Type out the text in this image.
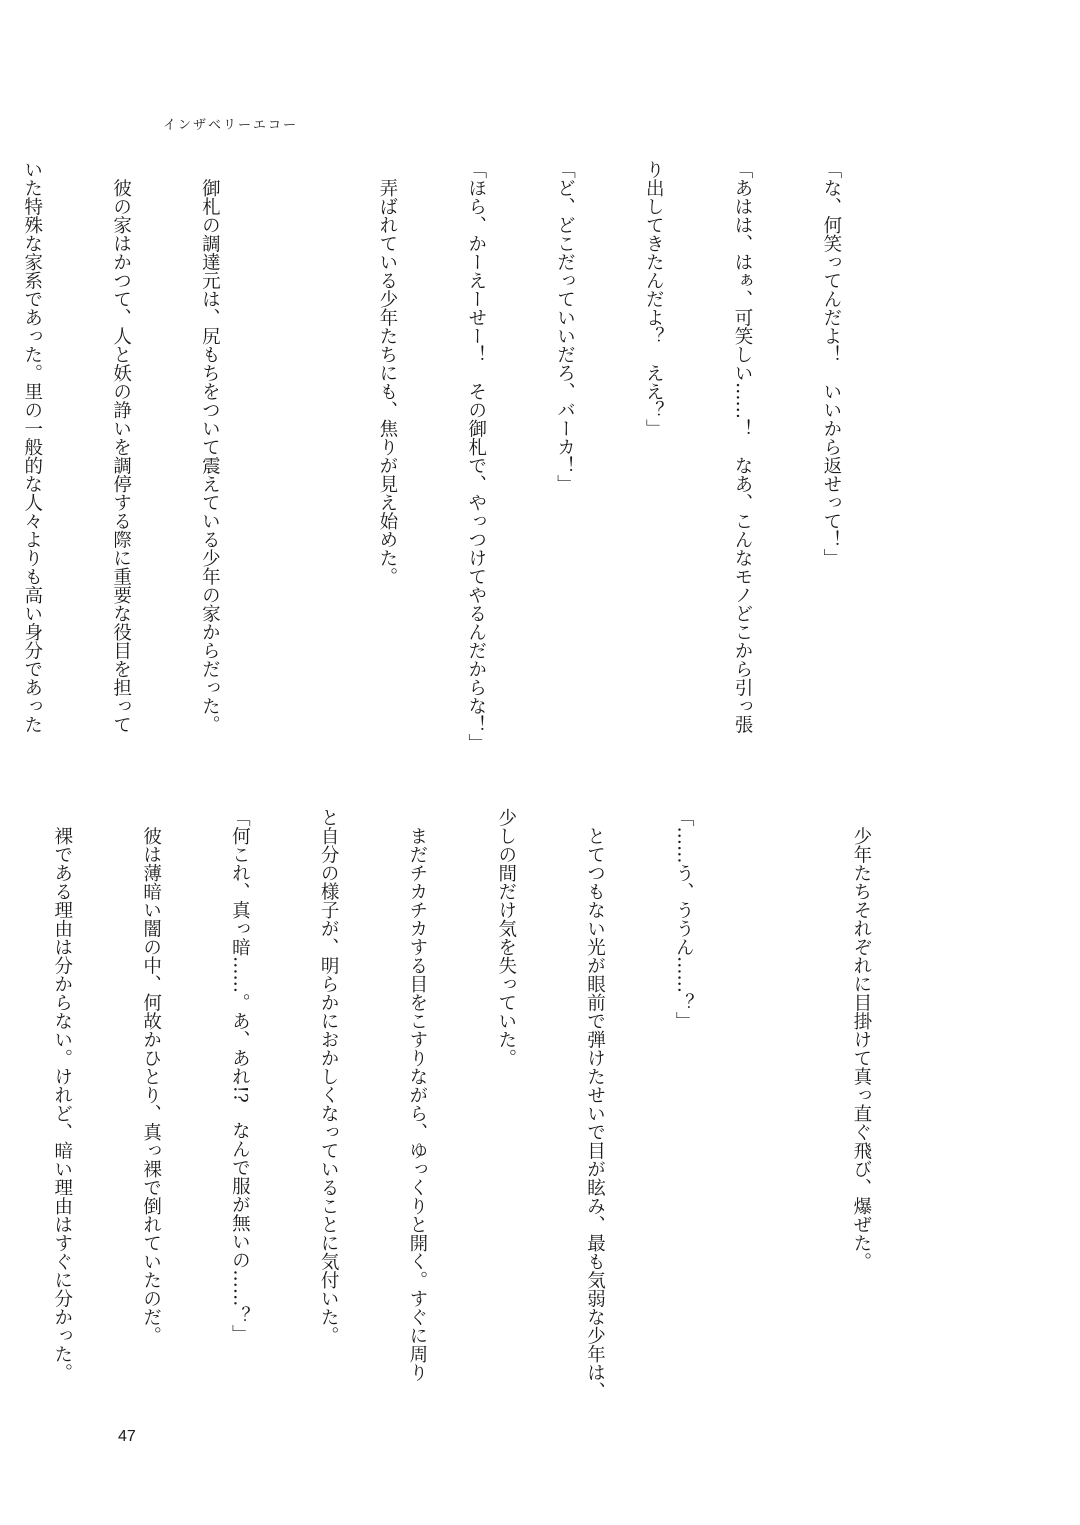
インザベリーエコー

「な、何笑ってんだよ！　いいから返せって！」

「あはは、はぁ、可笑しい……！　なあ、こんなモノどこから引っ張

り出してきたんだよ？　ええ？」

「ど、どこだっていいだろ、バーカ！」

「ほら、かーえーせー！　その御札で、やっつけてやるんだからな！」

　弄ばれている少年たちにも、焦りが見え始めた。

　御札の調達元は、尻もちをついて震えている少年の家からだった。

　彼の家はかつて、人と妖の諍いを調停する際に重要な役目を担って

いた特殊な家系であった。里の一般的な人々よりも高い身分であった

　少年たちそれぞれに目掛けて真っ直ぐ飛び、爆ぜた。

「……う、ううん……？」

　とてつもない光が眼前で弾けたせいで目が眩み、最も気弱な少年は、

少しの間だけ気を失っていた。

　まだチカチカする目をこすりながら、ゆっくりと開く。すぐに周り

と自分の様子が、明らかにおかしくなっていることに気付いた。

「何これ、真っ暗……。あ、あれ!?　なんで服が無いの……？」

　彼は薄暗い闇の中、何故かひとり、真っ裸で倒れていたのだ。

　裸である理由は分からない。けれど、暗い理由はすぐに分かった。

47
